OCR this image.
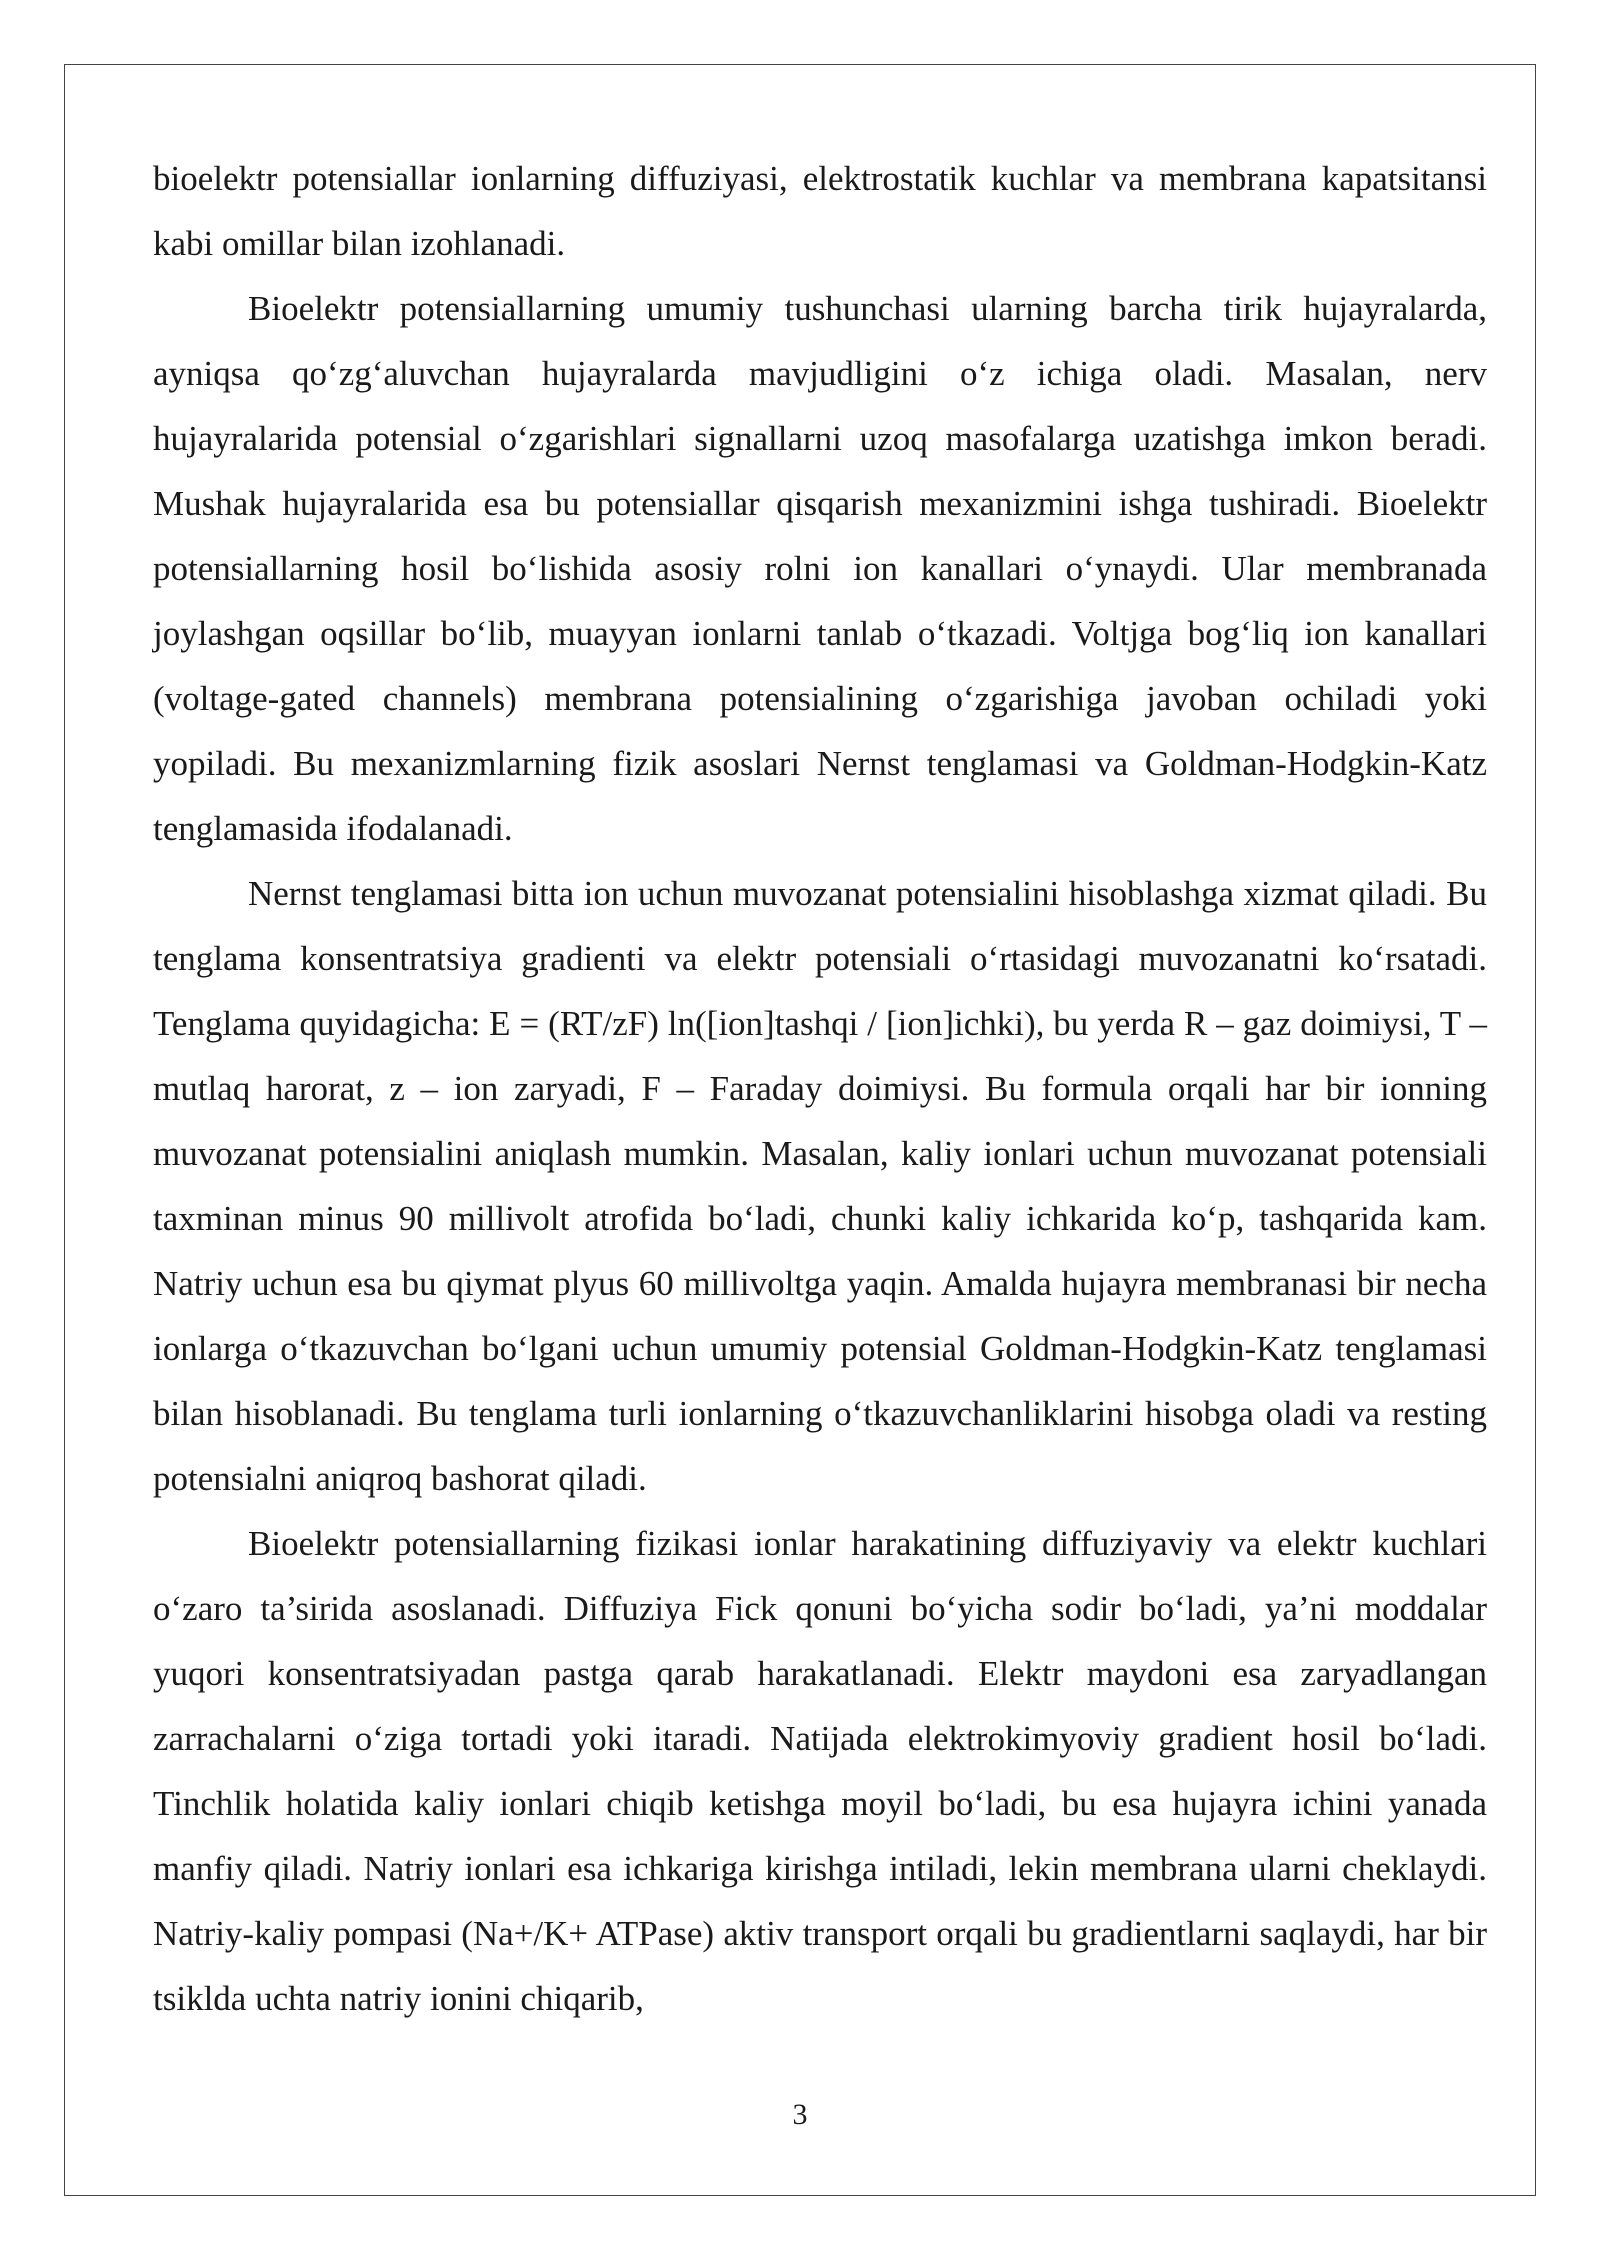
bioelektr potensiallar ionlarning diffuziyasi, elektrostatik kuchlar va membrana kapatsitansi kabi omillar bilan izohlanadi.

Bioelektr potensiallarning umumiy tushunchasi ularning barcha tirik hujayralarda, ayniqsa qo‘zg‘aluvchan hujayralarda mavjudligini o‘z ichiga oladi. Masalan, nerv hujayralarida potensial o‘zgarishlari signallarni uzoq masofalarga uzatishga imkon beradi. Mushak hujayralarida esa bu potensiallar qisqarish mexanizmini ishga tushiradi. Bioelektr potensiallarning hosil bo‘lishida asosiy rolni ion kanallari o‘ynaydi. Ular membranada joylashgan oqsillar bo‘lib, muayyan ionlarni tanlab o‘tkazadi. Voltjga bog‘liq ion kanallari (voltage-gated channels) membrana potensialining o‘zgarishiga javoban ochiladi yoki yopiladi. Bu mexanizmlarning fizik asoslari Nernst tenglamasi va Goldman-Hodgkin-Katz tenglamasida ifodalanadi.

Nernst tenglamasi bitta ion uchun muvozanat potensialini hisoblashga xizmat qiladi. Bu tenglama konsentratsiya gradienti va elektr potensiali o‘rtasidagi muvozanatni ko‘rsatadi. Tenglama quyidagicha: E = (RT/zF) ln([ion]tashqi / [ion]ichki), bu yerda R – gaz doimiysi, T – mutlaq harorat, z – ion zaryadi, F – Faraday doimiysi. Bu formula orqali har bir ionning muvozanat potensialini aniqlash mumkin. Masalan, kaliy ionlari uchun muvozanat potensiali taxminan minus 90 millivolt atrofida bo‘ladi, chunki kaliy ichkarida ko‘p, tashqarida kam. Natriy uchun esa bu qiymat plyus 60 millivoltga yaqin. Amalda hujayra membranasi bir necha ionlarga o‘tkazuvchan bo‘lgani uchun umumiy potensial Goldman-Hodgkin-Katz tenglamasi bilan hisoblanadi. Bu tenglama turli ionlarning o‘tkazuvchanliklarini hisobga oladi va resting potensialni aniqroq bashorat qiladi.

Bioelektr potensiallarning fizikasi ionlar harakatining diffuziyaviy va elektr kuchlari o‘zaro ta’sirida asoslanadi. Diffuziya Fick qonuni bo‘yicha sodir bo‘ladi, ya’ni moddalar yuqori konsentratsiyadan pastga qarab harakatlanadi. Elektr maydoni esa zaryadlangan zarrachalarni o‘ziga tortadi yoki itaradi. Natijada elektrokimyoviy gradient hosil bo‘ladi. Tinchlik holatida kaliy ionlari chiqib ketishga moyil bo‘ladi, bu esa hujayra ichini yanada manfiy qiladi. Natriy ionlari esa ichkariga kirishga intiladi, lekin membrana ularni cheklaydi. Natriy-kaliy pompasi (Na+/K+ ATPase) aktiv transport orqali bu gradientlarni saqlaydi, har bir tsiklda uchta natriy ionini chiqarib,

3
